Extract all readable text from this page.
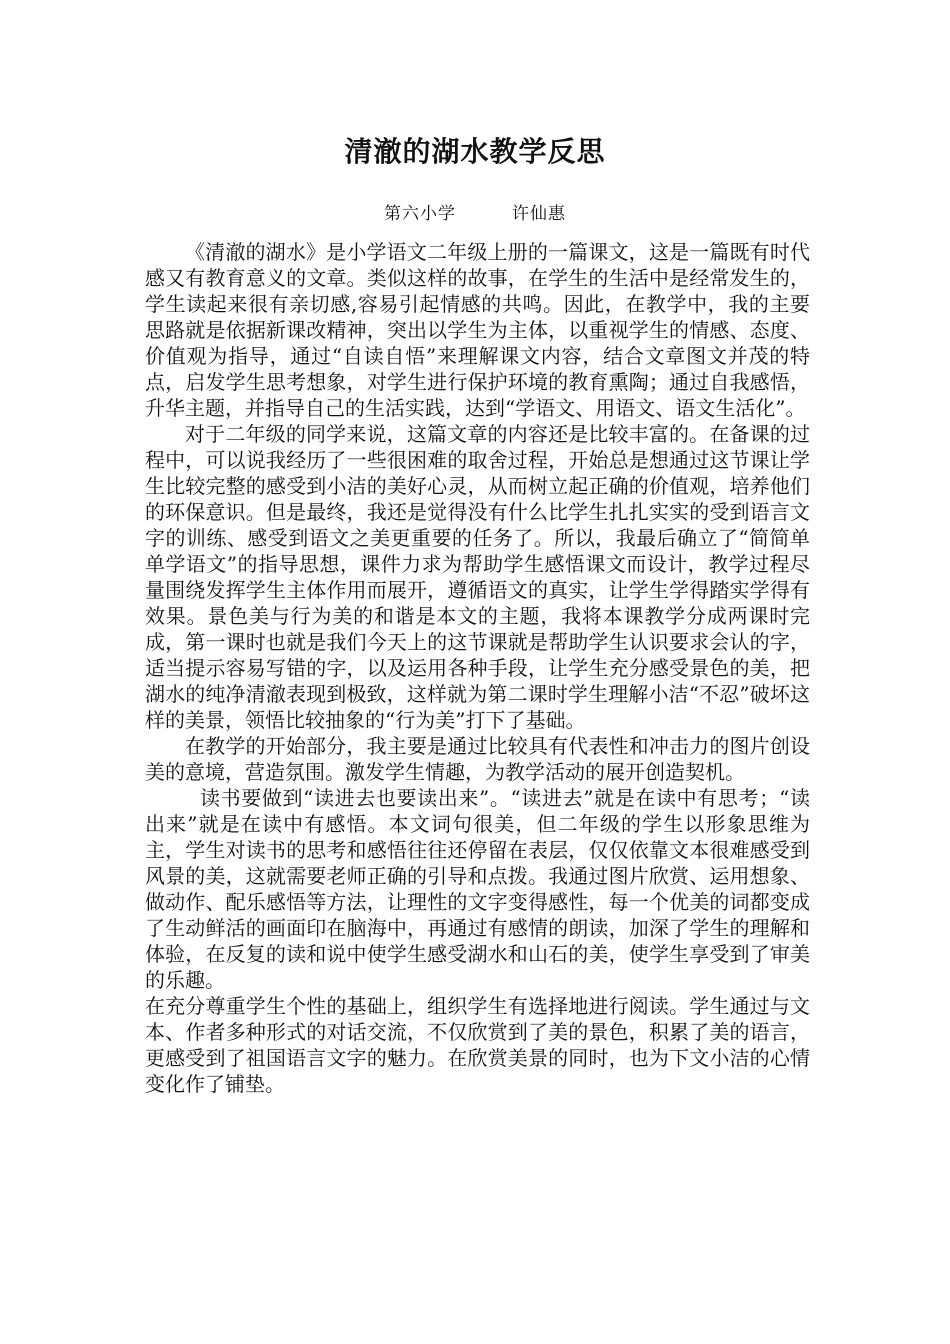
清澈的湖水教学反思
第六小学	许仙惠

《清澈的湖水》是小学语文二年级上册的一篇课文，这是一篇既有时代感又有教育意义的文章。类似这样的故事，在学生的生活中是经常发生的，学生读起来很有亲切感,容易引起情感的共鸣。因此，在教学中，我的主要思路就是依据新课改精神，突出以学生为主体，以重视学生的情感、态度、价值观为指导，通过“自读自悟”来理解课文内容，结合文章图文并茂的特点，启发学生思考想象，对学生进行保护环境的教育熏陶；通过自我感悟，升华主题，并指导自己的生活实践，达到“学语文、用语文、语文生活化”。

对于二年级的同学来说，这篇文章的内容还是比较丰富的。在备课的过程中，可以说我经历了一些很困难的取舍过程，开始总是想通过这节课让学生比较完整的感受到小洁的美好心灵，从而树立起正确的价值观，培养他们的环保意识。但是最终，我还是觉得没有什么比学生扎扎实实的受到语言文字的训练、感受到语文之美更重要的任务了。所以，我最后确立了“简简单单学语文”的指导思想，课件力求为帮助学生感悟课文而设计，教学过程尽量围绕发挥学生主体作用而展开，遵循语文的真实，让学生学得踏实学得有效果。景色美与行为美的和谐是本文的主题，我将本课教学分成两课时完成，第一课时也就是我们今天上的这节课就是帮助学生认识要求会认的字，适当提示容易写错的字，以及运用各种手段，让学生充分感受景色的美，把湖水的纯净清澈表现到极致，这样就为第二课时学生理解小洁“不忍”破坏这样的美景，领悟比较抽象的“行为美”打下了基础。

在教学的开始部分，我主要是通过比较具有代表性和冲击力的图片创设美的意境，营造氛围。激发学生情趣，为教学活动的展开创造契机。

读书要做到“读进去也要读出来”。“读进去”就是在读中有思考；“读出来”就是在读中有感悟。本文词句很美，但二年级的学生以形象思维为主，学生对读书的思考和感悟往往还停留在表层，仅仅依靠文本很难感受到风景的美，这就需要老师正确的引导和点拨。我通过图片欣赏、运用想象、做动作、配乐感悟等方法，让理性的文字变得感性，每一个优美的词都变成了生动鲜活的画面印在脑海中，再通过有感情的朗读，加深了学生的理解和体验，在反复的读和说中使学生感受湖水和山石的美，使学生享受到了审美的乐趣。

在充分尊重学生个性的基础上，组织学生有选择地进行阅读。学生通过与文本、作者多种形式的对话交流，不仅欣赏到了美的景色，积累了美的语言，更感受到了祖国语言文字的魅力。在欣赏美景的同时，也为下文小洁的心情变化作了铺垫。
